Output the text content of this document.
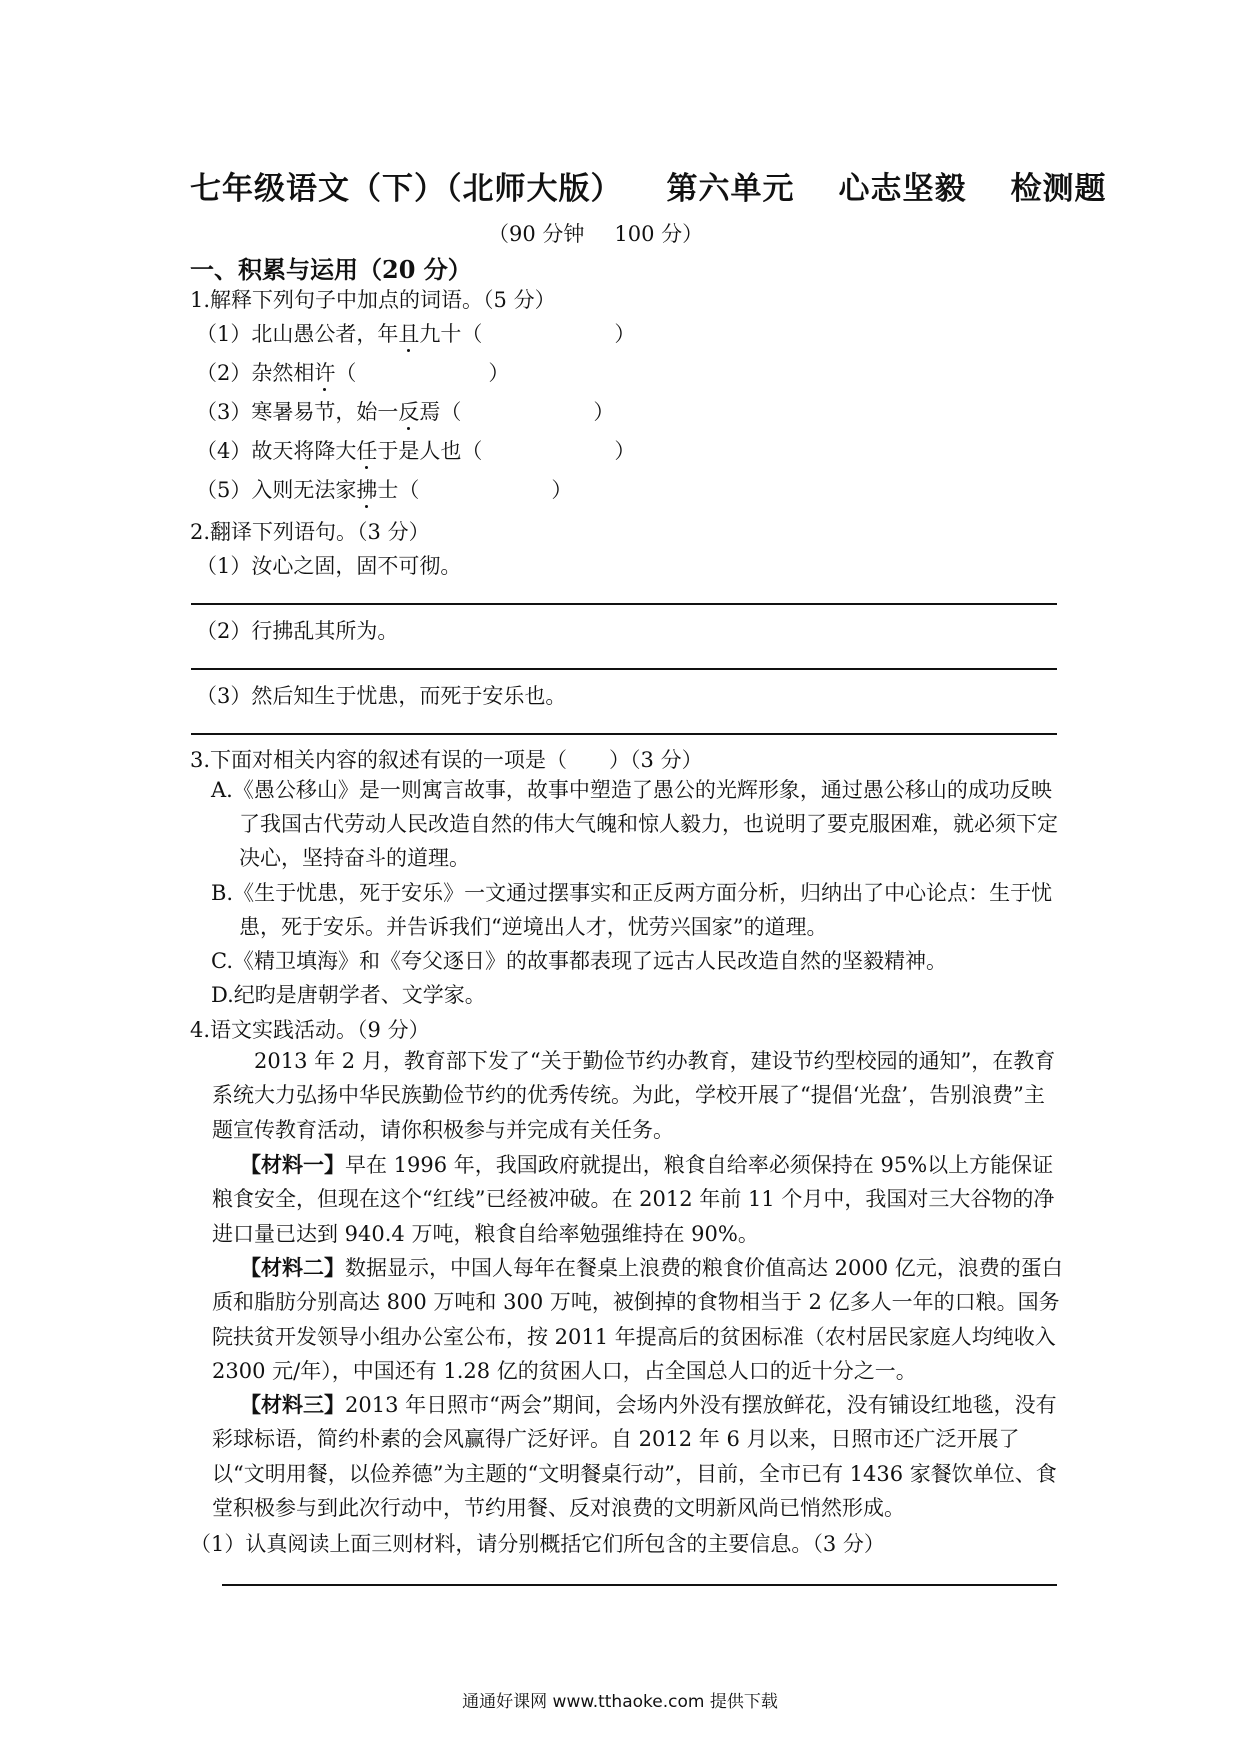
七年级语文（下）（北师大版） 第六单元 心志坚毅 检测题
（90 分钟 100 分）
一、积累与运用（20 分）
1.解释下列句子中加点的词语。（5 分）
（1）北山愚公者，年且九十（	）
（2）杂然相许（	）
（3）寒暑易节，始一反焉（	）
（4）故天将降大任于是人也（	）
（5）入则无法家拂士（	）
2.翻译下列语句。（3 分）
（1）汝心之固，固不可彻。
（2）行拂乱其所为。
（3）然后知生于忧患，而死于安乐也。
3.下面对相关内容的叙述有误的一项是（　　）（3 分）
A.《愚公移山》是一则寓言故事，故事中塑造了愚公的光辉形象，通过愚公移山的成功反映了我国古代劳动人民改造自然的伟大气魄和惊人毅力，也说明了要克服困难，就必须下定决心，坚持奋斗的道理。
B.《生于忧患，死于安乐》一文通过摆事实和正反两方面分析，归纳出了中心论点：生于忧患，死于安乐。并告诉我们“逆境出人才，忧劳兴国家”的道理。
C.《精卫填海》和《夸父逐日》的故事都表现了远古人民改造自然的坚毅精神。
D.纪昀是唐朝学者、文学家。
4.语文实践活动。（9 分）
2013 年 2 月，教育部下发了“关于勤俭节约办教育，建设节约型校园的通知”，在教育系统大力弘扬中华民族勤俭节约的优秀传统。为此，学校开展了“提倡‘光盘’，告别浪费”主题宣传教育活动，请你积极参与并完成有关任务。
【材料一】早在 1996 年，我国政府就提出，粮食自给率必须保持在 95%以上方能保证粮食安全，但现在这个“红线”已经被冲破。在 2012 年前 11 个月中，我国对三大谷物的净进口量已达到 940.4 万吨，粮食自给率勉强维持在 90%。
【材料二】数据显示，中国人每年在餐桌上浪费的粮食价值高达 2000 亿元，浪费的蛋白质和脂肪分别高达 800 万吨和 300 万吨，被倒掉的食物相当于 2 亿多人一年的口粮。国务院扶贫开发领导小组办公室公布，按 2011 年提高后的贫困标准（农村居民家庭人均纯收入 2300 元/年），中国还有 1.28 亿的贫困人口，占全国总人口的近十分之一。
【材料三】2013 年日照市“两会”期间，会场内外没有摆放鲜花，没有铺设红地毯，没有彩球标语，简约朴素的会风赢得广泛好评。自 2012 年 6 月以来，日照市还广泛开展了以“文明用餐，以俭养德”为主题的“文明餐桌行动”，目前，全市已有 1436 家餐饮单位、食堂积极参与到此次行动中，节约用餐、反对浪费的文明新风尚已悄然形成。
（1）认真阅读上面三则材料，请分别概括它们所包含的主要信息。（3 分）
通通好课网 www.tthaoke.com 提供下载
